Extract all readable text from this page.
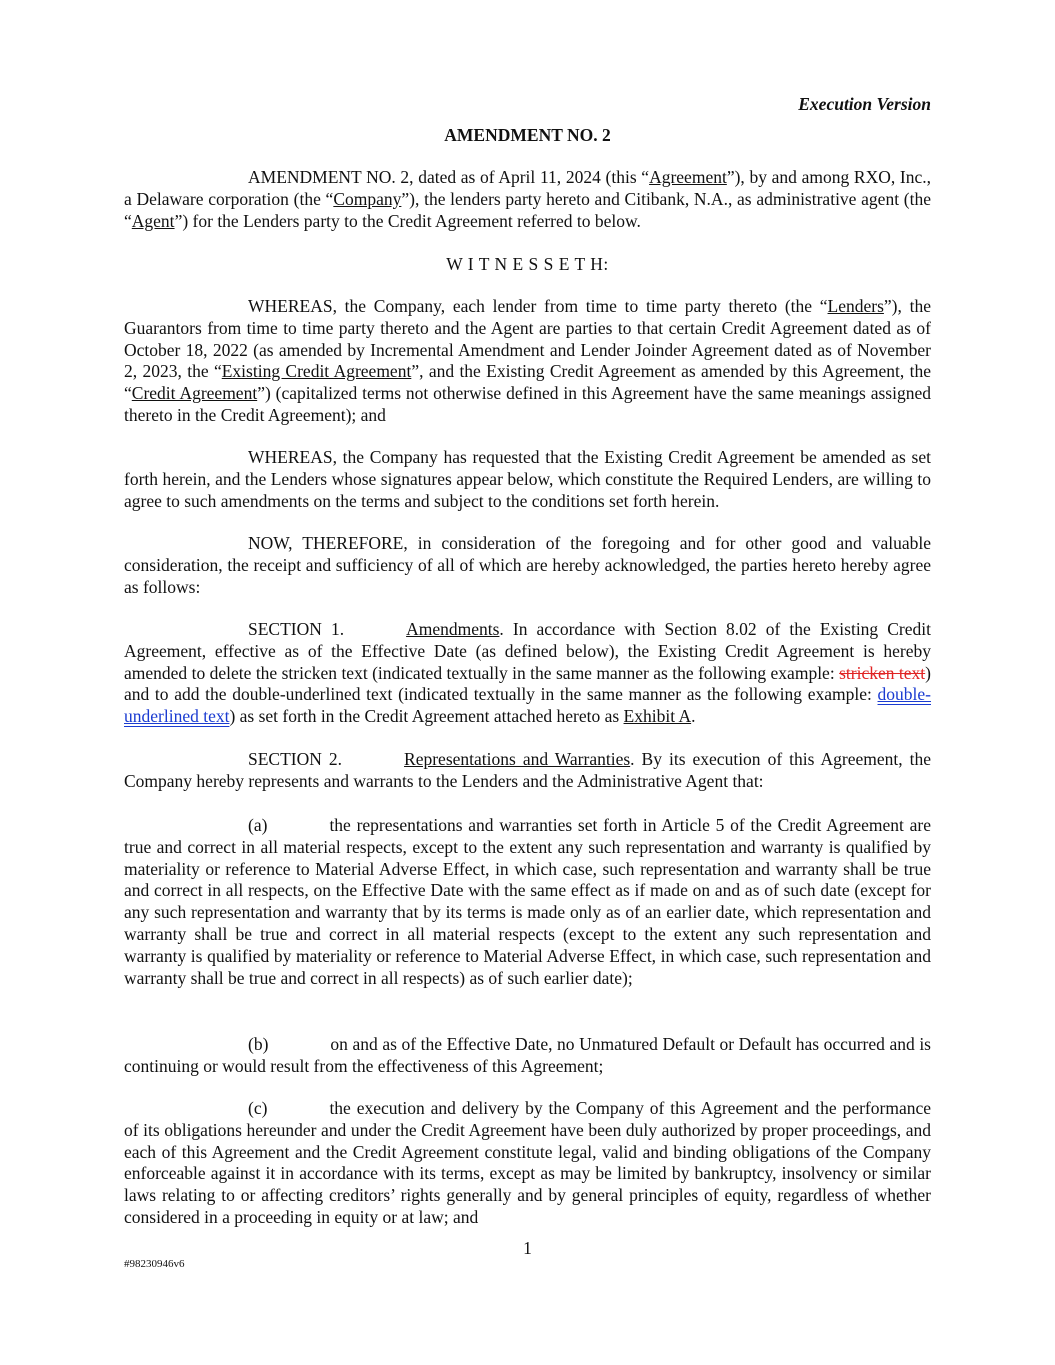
Execution Version
AMENDMENT NO. 2

AMENDMENT NO. 2, dated as of April 11, 2024 (this “Agreement”), by and among RXO, Inc., a Delaware corporation (the “Company”), the lenders party hereto and Citibank, N.A., as administrative agent (the “Agent”) for the Lenders party to the Credit Agreement referred to below.

W I T N E S S E T H:

WHEREAS, the Company, each lender from time to time party thereto (the “Lenders”), the Guarantors from time to time party thereto and the Agent are parties to that certain Credit Agreement dated as of October 18, 2022 (as amended by Incremental Amendment and Lender Joinder Agreement dated as of November 2, 2023, the “Existing Credit Agreement”, and the Existing Credit Agreement as amended by this Agreement, the “Credit Agreement”) (capitalized terms not otherwise defined in this Agreement have the same meanings assigned thereto in the Credit Agreement); and

WHEREAS, the Company has requested that the Existing Credit Agreement be amended as set forth herein, and the Lenders whose signatures appear below, which constitute the Required Lenders, are willing to agree to such amendments on the terms and subject to the conditions set forth herein.

NOW, THEREFORE, in consideration of the foregoing and for other good and valuable consideration, the receipt and sufficiency of all of which are hereby acknowledged, the parties hereto hereby agree as follows:

SECTION 1.	Amendments. In accordance with Section 8.02 of the Existing Credit Agreement, effective as of the Effective Date (as defined below), the Existing Credit Agreement is hereby amended to delete the stricken text (indicated textually in the same manner as the following example: stricken text) and to add the double-underlined text (indicated textually in the same manner as the following example: double-underlined text) as set forth in the Credit Agreement attached hereto as Exhibit A.

SECTION 2.	Representations and Warranties. By its execution of this Agreement, the Company hereby represents and warrants to the Lenders and the Administrative Agent that:

(a)	the representations and warranties set forth in Article 5 of the Credit Agreement are true and correct in all material respects, except to the extent any such representation and warranty is qualified by materiality or reference to Material Adverse Effect, in which case, such representation and warranty shall be true and correct in all respects, on the Effective Date with the same effect as if made on and as of such date (except for any such representation and warranty that by its terms is made only as of an earlier date, which representation and warranty shall be true and correct in all material respects (except to the extent any such representation and warranty is qualified by materiality or reference to Material Adverse Effect, in which case, such representation and warranty shall be true and correct in all respects) as of such earlier date);

(b)	on and as of the Effective Date, no Unmatured Default or Default has occurred and is continuing or would result from the effectiveness of this Agreement;

(c)	the execution and delivery by the Company of this Agreement and the performance of its obligations hereunder and under the Credit Agreement have been duly authorized by proper proceedings, and each of this Agreement and the Credit Agreement constitute legal, valid and binding obligations of the Company enforceable against it in accordance with its terms, except as may be limited by bankruptcy, insolvency or similar laws relating to or affecting creditors’ rights generally and by general principles of equity, regardless of whether considered in a proceeding in equity or at law; and

1
#98230946v6
